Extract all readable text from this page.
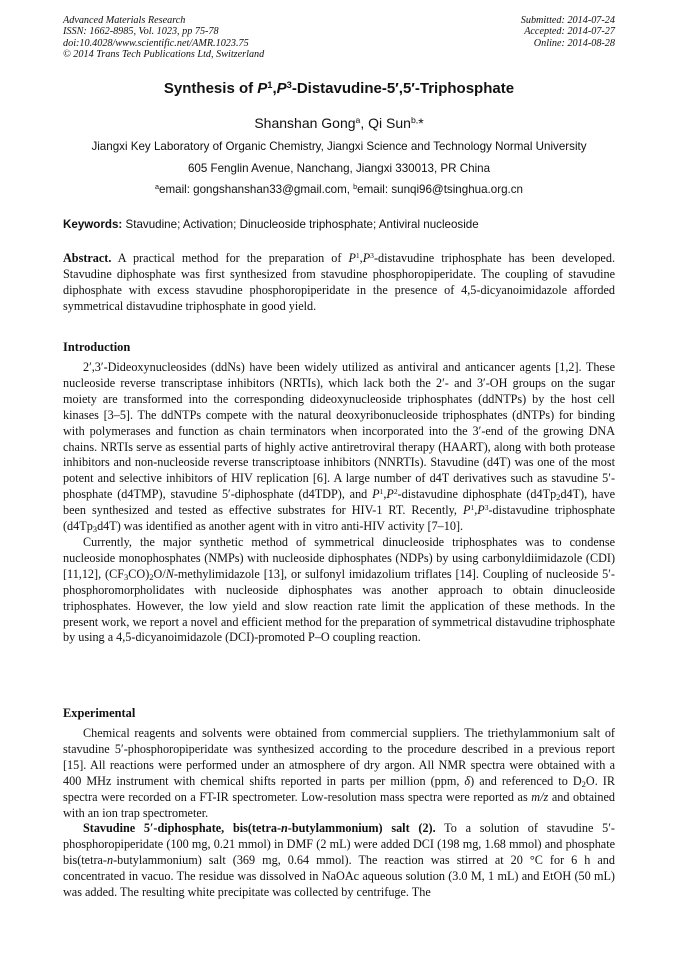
Advanced Materials Research
ISSN: 1662-8985, Vol. 1023, pp 75-78
doi:10.4028/www.scientific.net/AMR.1023.75
© 2014 Trans Tech Publications Ltd, Switzerland
Submitted: 2014-07-24
Accepted: 2014-07-27
Online: 2014-08-28
Synthesis of $P^1,P^3-Distavudine-5',5'$-Triphosphate
Shanshan Gong$^a$, Qi Sun$^{b,}$*
Jiangxi Key Laboratory of Organic Chemistry, Jiangxi Science and Technology Normal University
605 Fenglin Avenue, Nanchang, Jiangxi 330013, PR China
$^a$email: gongshanshan33@gmail.com, $^b$email: sunqi96@tsinghua.org.cn
Keywords: Stavudine; Activation; Dinucleoside triphosphate; Antiviral nucleoside

Abstract. A practical method for the preparation of $P^1,P^3$-distavudine triphosphate has been developed. Stavudine diphosphate was first synthesized from stavudine phosphoropiperidate. The coupling of stavudine diphosphate with excess stavudine phosphoropiperidate in the presence of 4,5-dicyanoimidazole afforded symmetrical distavudine triphosphate in good yield.

Introduction

2′,3′-Dideoxynucleosides (ddNs) have been widely utilized as antiviral and anticancer agents [1,2]. These nucleoside reverse transcriptase inhibitors (NRTIs), which lack both the 2′- and 3′-OH groups on the sugar moiety are transformed into the corresponding dideoxynucleoside triphosphates (ddNTPs) by the host cell kinases [3–5]. The ddNTPs compete with the natural deoxyribonucleoside triphosphates (dNTPs) for binding with polymerases and function as chain terminators when incorporated into the 3′-end of the growing DNA chains. NRTIs serve as essential parts of highly active antiretroviral therapy (HAART), along with both protease inhibitors and non-nucleoside reverse transcriptoase inhibitors (NNRTIs). Stavudine (d4T) was one of the most potent and selective inhibitors of HIV replication [6]. A large number of d4T derivatives such as stavudine 5′-phosphate (d4TMP), stavudine 5′-diphosphate (d4TDP), and $P^1,P^2$-distavudine diphosphate $(d4Tp_2d4T)$, have been synthesized and tested as effective substrates for HIV-1 RT. Recently, $P^1,P^3$-distavudine triphosphate $(d4Tp_3d4T)$ was identified as another agent with in vitro anti-HIV activity [7–10].

Currently, the major synthetic method of symmetrical dinucleoside triphosphates was to condense nucleoside monophosphates (NMPs) with nucleoside diphosphates (NDPs) by using carbonyldiimidazole (CDI) [11,12], $(CF_3CO)_2O/N$-methylimidazole [13], or sulfonyl imidazolium triflates [14]. Coupling of nucleoside 5′-phosphoromorpholidates with nucleoside diphosphates was another approach to obtain dinucleoside triphosphates. However, the low yield and slow reaction rate limit the application of these methods. In the present work, we report a novel and efficient method for the preparation of symmetrical distavudine triphosphate by using a 4,5-dicyanoimidazole (DCI)-promoted P–O coupling reaction.

Experimental

Chemical reagents and solvents were obtained from commercial suppliers. The triethylammonium salt of stavudine 5′-phosphoropiperidate was synthesized according to the procedure described in a previous report [15]. All reactions were performed under an atmosphere of dry argon. All NMR spectra were obtained with a 400 MHz instrument with chemical shifts reported in parts per million (ppm, δ) and referenced to $D_2O$. IR spectra were recorded on a FT-IR spectrometer. Low-resolution mass spectra were reported as m/z and obtained with an ion trap spectrometer.

Stavudine 5′-diphosphate, bis(tetra-n-butylammonium) salt (2). To a solution of stavudine 5′-phosphoropiperidate (100 mg, 0.21 mmol) in DMF (2 mL) were added DCI (198 mg, 1.68 mmol) and phosphate bis(tetra-n-butylammonium) salt (369 mg, 0.64 mmol). The reaction was stirred at 20 °C for 6 h and concentrated in vacuo. The residue was dissolved in NaOAc aqueous solution (3.0 M, 1 mL) and EtOH (50 mL) was added. The resulting white precipitate was collected by centrifuge. The
